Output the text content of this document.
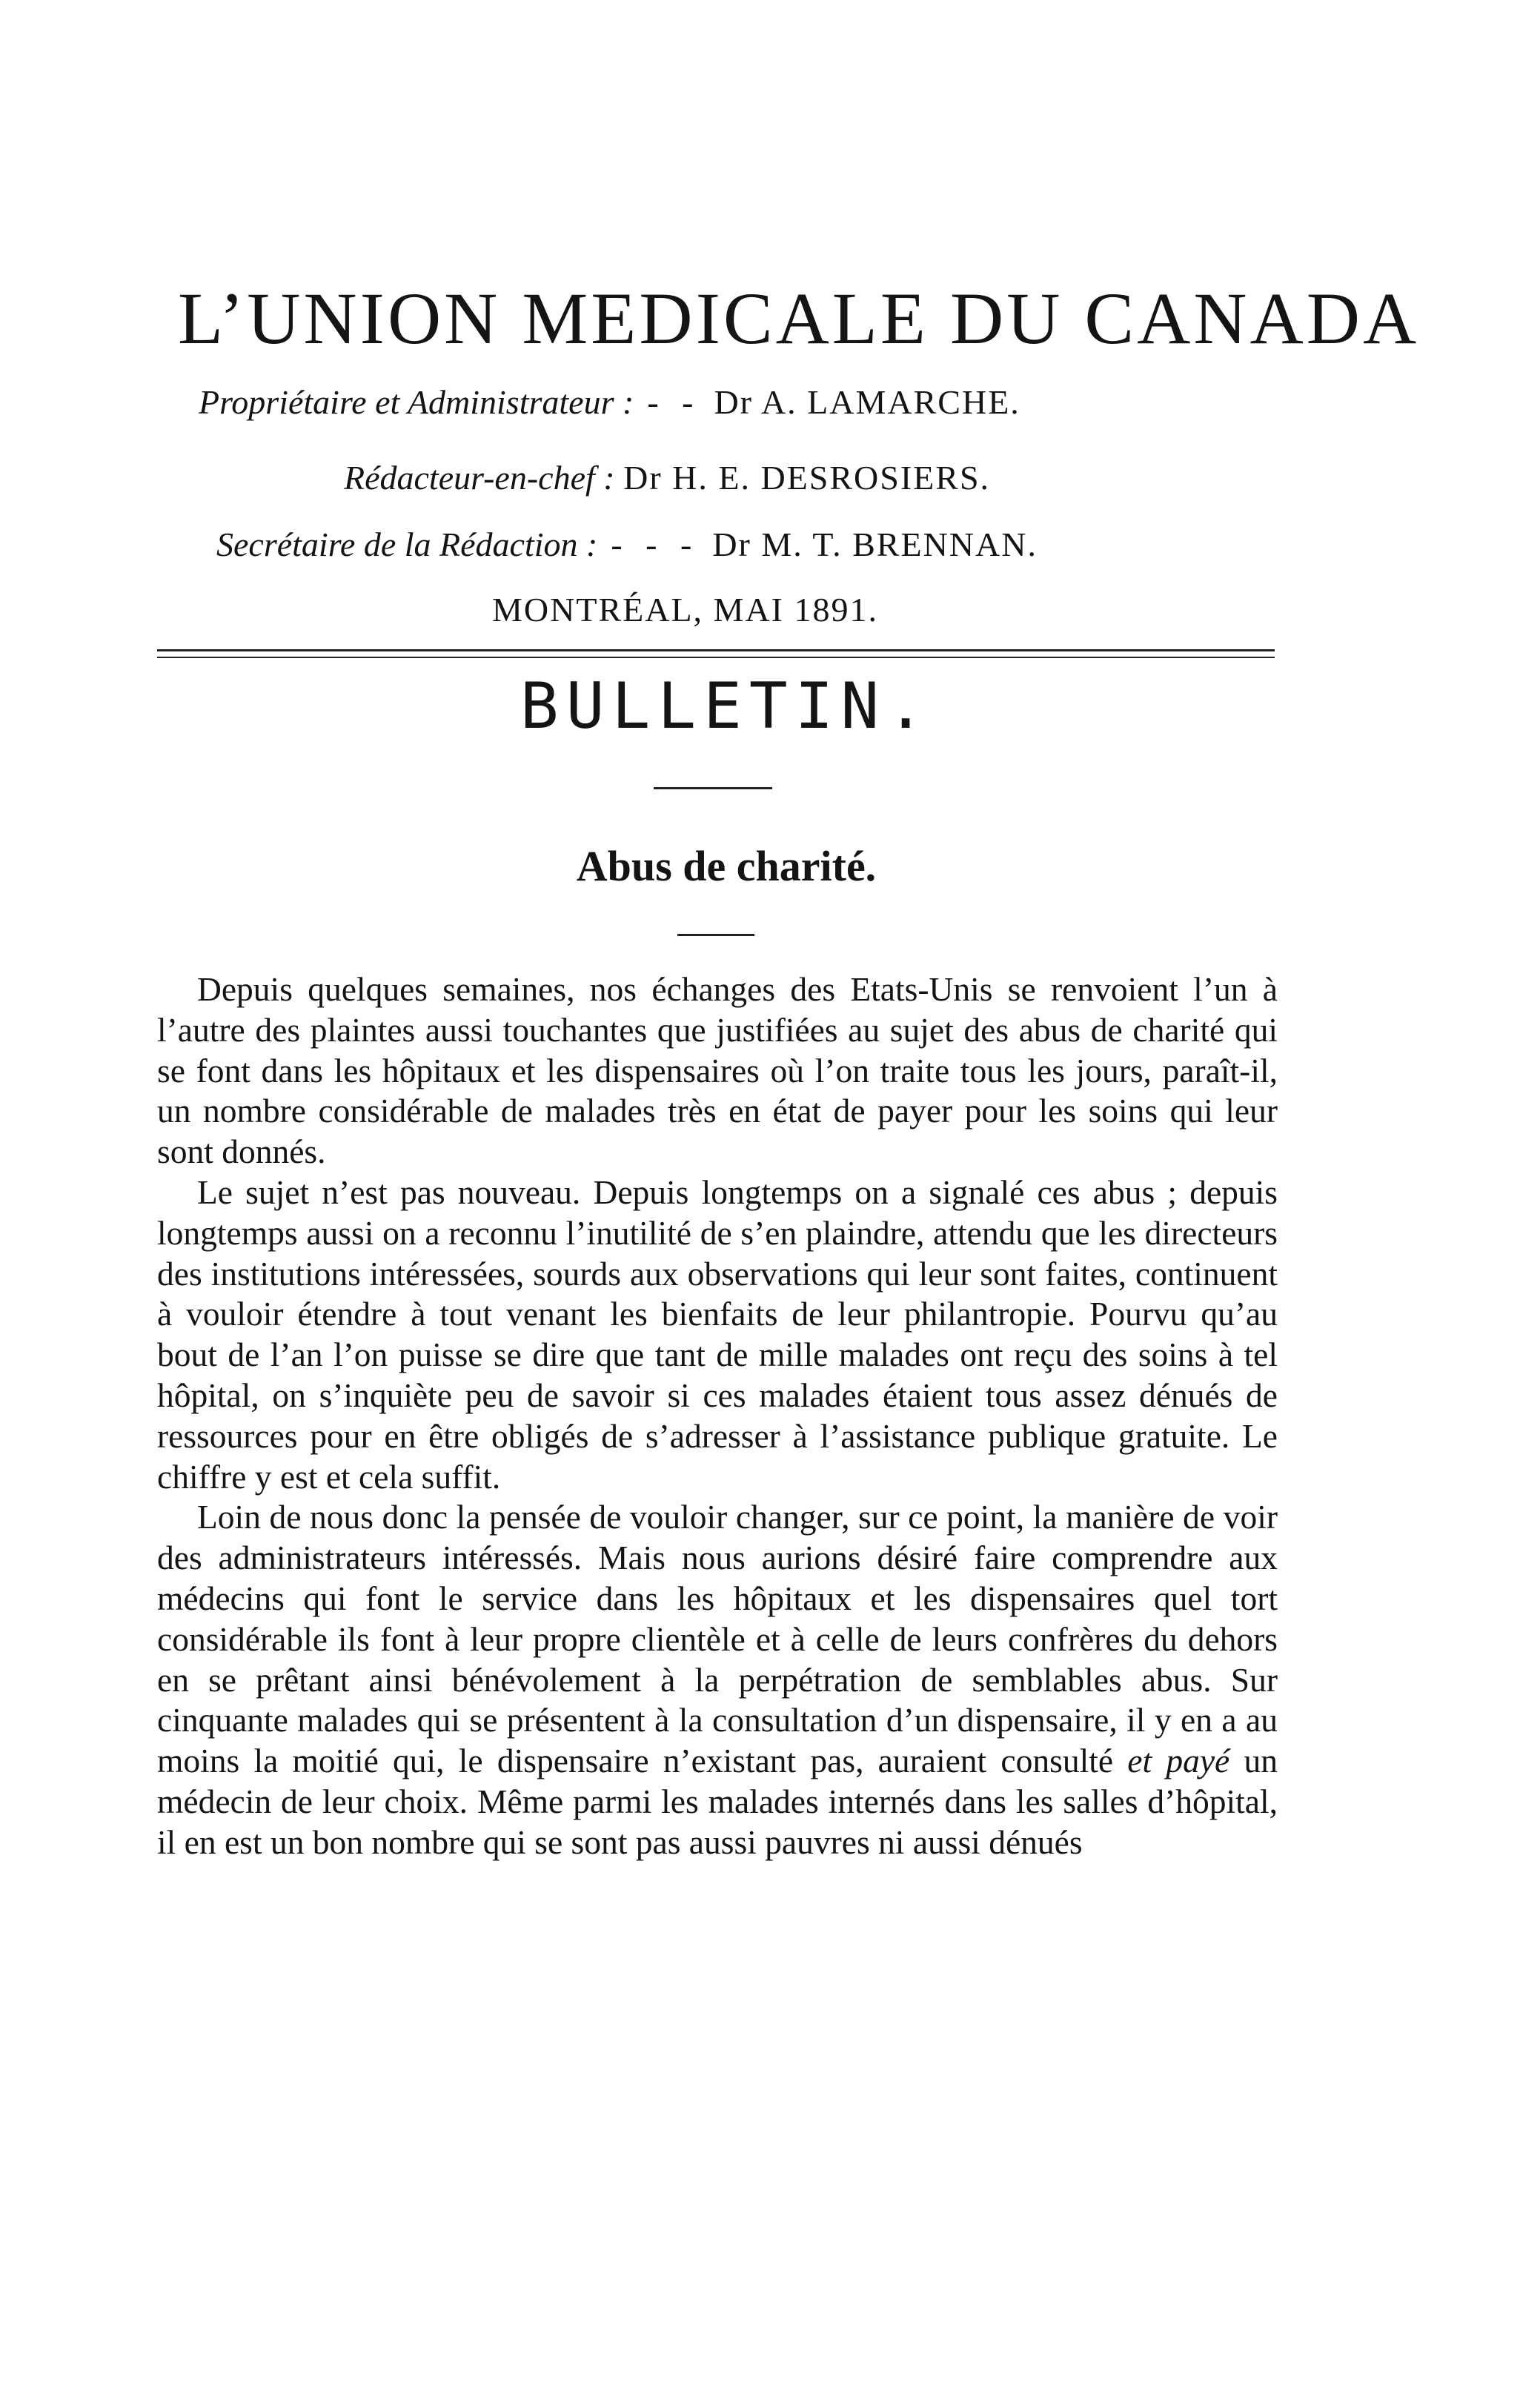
L’UNION MEDICALE DU CANADA
Propriétaire et Administrateur : - - Dr A. LAMARCHE.
Rédacteur-en-chef : Dr H. E. DESROSIERS.
Secrétaire de la Rédaction : - - - Dr M. T. BRENNAN.
MONTRÉAL, MAI 1891.
BULLETIN.
Abus de charité.

Depuis quelques semaines, nos échanges des Etats-Unis se renvoient l’un à l’autre des plaintes aussi touchantes que justifiées au sujet des abus de charité qui se font dans les hôpitaux et les dispensaires où l’on traite tous les jours, paraît-il, un nombre considérable de malades très en état de payer pour les soins qui leur sont donnés.

Le sujet n’est pas nouveau. Depuis longtemps on a signalé ces abus ; depuis longtemps aussi on a reconnu l’inutilité de s’en plaindre, attendu que les directeurs des institutions intéressées, sourds aux observations qui leur sont faites, continuent à vouloir étendre à tout venant les bienfaits de leur philantropie. Pourvu qu’au bout de l’an l’on puisse se dire que tant de mille malades ont reçu des soins à tel hôpital, on s’inquiète peu de savoir si ces malades étaient tous assez dénués de ressources pour en être obligés de s’adresser à l’assistance publique gratuite. Le chiffre y est et cela suffit.

Loin de nous donc la pensée de vouloir changer, sur ce point, la manière de voir des administrateurs intéressés. Mais nous aurions désiré faire comprendre aux médecins qui font le service dans les hôpitaux et les dispensaires quel tort considérable ils font à leur propre clientèle et à celle de leurs confrères du dehors en se prêtant ainsi bénévolement à la perpétration de semblables abus. Sur cinquante malades qui se présentent à la consultation d’un dispensaire, il y en a au moins la moitié qui, le dispensaire n’existant pas, auraient consulté et payé un médecin de leur choix. Même parmi les malades internés dans les salles d’hôpital, il en est un bon nombre qui se sont pas aussi pauvres ni aussi dénués
